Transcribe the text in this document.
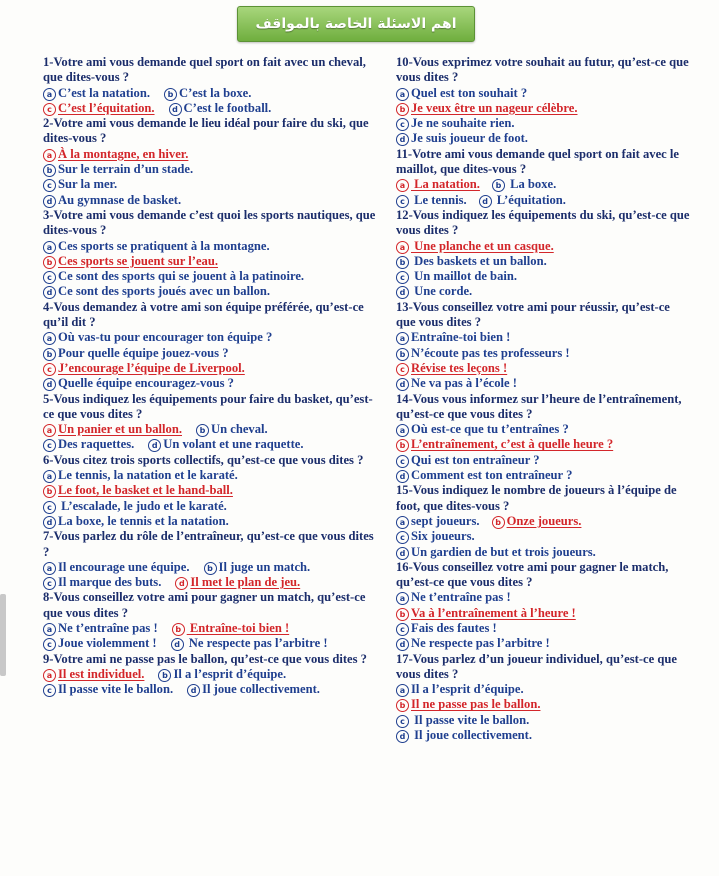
اهم الاسئلة الخاصة بالمواقف

1-Votre ami vous demande quel sport on fait avec un cheval, que dites-vous ?

a C’est la natation. b C’est la boxe.
c C’est l’équitation. d C’est le football.

2-Votre ami vous demande le lieu idéal pour faire du ski, que dites-vous ?

a À la montagne, en hiver.
b Sur le terrain d’un stade.
c Sur la mer.
d Au gymnase de basket.

3-Votre ami vous demande c’est quoi les sports nautiques, que dites-vous ?

a Ces sports se pratiquent à la montagne.
b Ces sports se jouent sur l’eau.
c Ce sont des sports qui se jouent à la patinoire.
d Ce sont des sports joués avec un ballon.

4-Vous demandez à votre ami son équipe préférée, qu’est-ce qu’il dit ?

a Où vas-tu pour encourager ton équipe ?
b Pour quelle équipe jouez-vous ?
c J’encourage l’équipe de Liverpool.
d Quelle équipe encouragez-vous ?

5-Vous indiquez les équipements pour faire du basket, qu’est-ce que vous dites ?

a Un panier et un ballon. b Un cheval.
c Des raquettes. d Un volant et une raquette.

6-Vous citez trois sports collectifs, qu’est-ce que vous dites ?

a Le tennis, la natation et le karaté.
b Le foot, le basket et le hand-ball.
c L’escalade, le judo et le karaté.
d La boxe, le tennis et la natation.

7-Vous parlez du rôle de l’entraîneur, qu’est-ce que vous dites ?

a Il encourage une équipe. b Il juge un match.
c Il marque des buts. d Il met le plan de jeu.

8-Vous conseillez votre ami pour gagner un match, qu’est-ce que vous dites ?

a Ne t’entraîne pas ! b Entraîne-toi bien !
c Joue violemment ! d Ne respecte pas l’arbitre !

9-Votre ami ne passe pas le ballon, qu’est-ce que vous dites ?

a Il est individuel. b Il a l’esprit d’équipe.
c Il passe vite le ballon. d Il joue collectivement.

10-Vous exprimez votre souhait au futur, qu’est-ce que vous dites ?

a Quel est ton souhait ?
b Je veux être un nageur célèbre.
c Je ne souhaite rien.
d Je suis joueur de foot.

11-Votre ami vous demande quel sport on fait avec le maillot, que dites-vous ?

a La natation. b La boxe.
c Le tennis. d L’équitation.

12-Vous indiquez les équipements du ski, qu’est-ce que vous dites ?

a Une planche et un casque.
b Des baskets et un ballon.
c Un maillot de bain.
d Une corde.

13-Vous conseillez votre ami pour réussir, qu’est-ce que vous dites ?

a Entraîne-toi bien !
b N’écoute pas tes professeurs !
c Révise tes leçons !
d Ne va pas à l’école !

14-Vous vous informez sur l’heure de l’entraînement, qu’est-ce que vous dites ?

a Où est-ce que tu t’entraînes ?
b L’entraînement, c’est à quelle heure ?
c Qui est ton entraîneur ?
d Comment est ton entraîneur ?

15-Vous indiquez le nombre de joueurs à l’équipe de foot, que dites-vous ?

a sept joueurs. b Onze joueurs.
c Six joueurs.
d Un gardien de but et trois joueurs.

16-Vous conseillez votre ami pour gagner le match, qu’est-ce que vous dites ?

a Ne t’entraîne pas !
b Va à l’entraînement à l’heure !
c Fais des fautes !
d Ne respecte pas l’arbitre !

17-Vous parlez d’un joueur individuel, qu’est-ce que vous dites ?

a Il a l’esprit d’équipe.
b Il ne passe pas le ballon.
c Il passe vite le ballon.
d Il joue collectivement.
